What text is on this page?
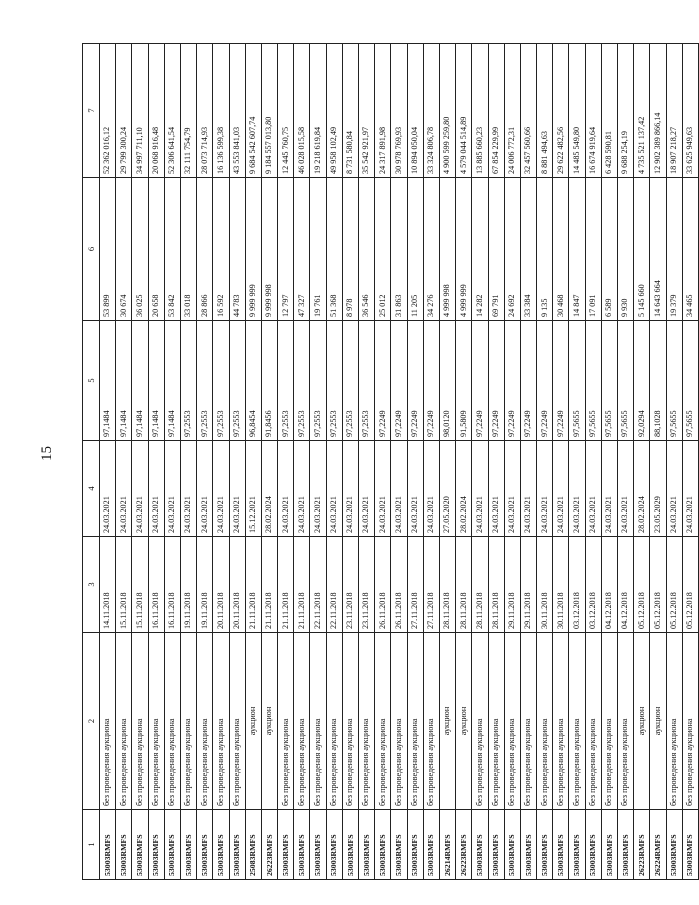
15
1	2	3	4	5	6	7
53003RMFS	без проведения аукциона	14.11.2018	24.03.2021	97,1484	53 899	52 362 016,12
53003RMFS	без проведения аукциона	15.11.2018	24.03.2021	97,1484	30 674	29 799 300,24
53003RMFS	без проведения аукциона	15.11.2018	24.03.2021	97,1484	36 025	34 997 711,10
53003RMFS	без проведения аукциона	16.11.2018	24.03.2021	97,1484	20 658	20 068 916,48
53003RMFS	без проведения аукциона	16.11.2018	24.03.2021	97,1484	53 842	52 306 641,54
53003RMFS	без проведения аукциона	19.11.2018	24.03.2021	97,2553	33 018	32 111 754,79
53003RMFS	без проведения аукциона	19.11.2018	24.03.2021	97,2553	28 866	28 073 714,93
53003RMFS	без проведения аукциона	20.11.2018	24.03.2021	97,2553	16 592	16 136 599,38
53003RMFS	без проведения аукциона	20.11.2018	24.03.2021	97,2553	44 783	43 553 841,03
25083RMFS	аукцион	21.11.2018	15.12.2021	96,8454	9 999 999	9 684 542 607,74
26223RMFS	аукцион	21.11.2018	28.02.2024	91,8456	9 999 998	9 184 557 013,80
53003RMFS	без проведения аукциона	21.11.2018	24.03.2021	97,2553	12 797	12 445 760,75
53003RMFS	без проведения аукциона	21.11.2018	24.03.2021	97,2553	47 327	46 028 015,58
53003RMFS	без проведения аукциона	22.11.2018	24.03.2021	97,2553	19 761	19 218 619,84
53003RMFS	без проведения аукциона	22.11.2018	24.03.2021	97,2553	51 368	49 958 102,49
53003RMFS	без проведения аукциона	23.11.2018	24.03.2021	97,2553	8 978	8 731 580,84
53003RMFS	без проведения аукциона	23.11.2018	24.03.2021	97,2553	36 546	35 542 921,97
53003RMFS	без проведения аукциона	26.11.2018	24.03.2021	97,2249	25 012	24 317 891,98
53003RMFS	без проведения аукциона	26.11.2018	24.03.2021	97,2249	31 863	30 978 769,93
53003RMFS	без проведения аукциона	27.11.2018	24.03.2021	97,2249	11 205	10 894 050,04
53003RMFS	без проведения аукциона	27.11.2018	24.03.2021	97,2249	34 276	33 324 806,78
26214RMFS	аукцион	28.11.2018	27.05.2020	98,0120	4 999 998	4 900 599 259,80
26223RMFS	аукцион	28.11.2018	28.02.2024	91,5809	4 999 999	4 579 044 514,89
53003RMFS	без проведения аукциона	28.11.2018	24.03.2021	97,2249	14 282	13 885 660,23
53003RMFS	без проведения аукциона	28.11.2018	24.03.2021	97,2249	69 791	67 854 229,99
53003RMFS	без проведения аукциона	29.11.2018	24.03.2021	97,2249	24 692	24 006 772,31
53003RMFS	без проведения аукциона	29.11.2018	24.03.2021	97,2249	33 384	32 457 560,66
53003RMFS	без проведения аукциона	30.11.2018	24.03.2021	97,2249	9 135	8 881 494,63
53003RMFS	без проведения аукциона	30.11.2018	24.03.2021	97,2249	30 468	29 622 482,56
53003RMFS	без проведения аукциона	03.12.2018	24.03.2021	97,5655	14 847	14 485 549,80
53003RMFS	без проведения аукциона	03.12.2018	24.03.2021	97,5655	17 091	16 674 919,64
53003RMFS	без проведения аукциона	04.12.2018	24.03.2021	97,5655	6 589	6 428 590,81
53003RMFS	без проведения аукциона	04.12.2018	24.03.2021	97,5655	9 930	9 688 254,19
26223RMFS	аукцион	05.12.2018	28.02.2024	92,0294	5 145 660	4 735 521 137,42
26224RMFS	аукцион	05.12.2018	23.05.2029	88,1028	14 643 664	12 902 389 866,14
53003RMFS	без проведения аукциона	05.12.2018	24.03.2021	97,5655	19 379	18 907 218,27
53003RMFS	без проведения аукциона	05.12.2018	24.03.2021	97,5655	34 465	33 625 949,63
